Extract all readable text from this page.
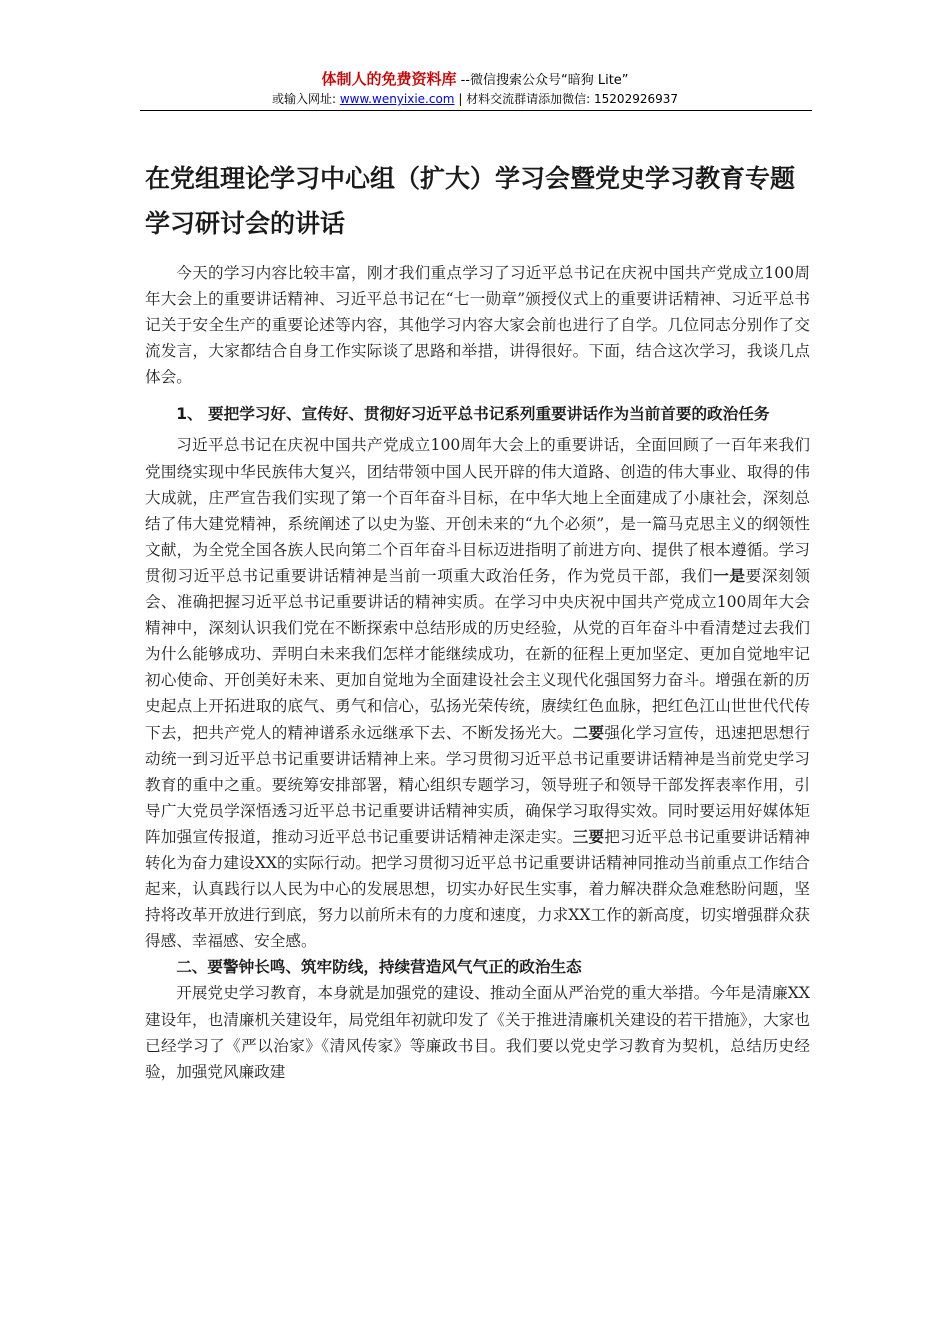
体制人的免费资料库 --微信搜索公众号“暗狗 Lite”
或输入网址: www.wenyixie.com | 材料交流群请添加微信: 15202926937
在党组理论学习中心组（扩大）学习会暨党史学习教育专题学习研讨会的讲话

今天的学习内容比较丰富，刚才我们重点学习了习近平总书记在庆祝中国共产党成立100周年大会上的重要讲话精神、习近平总书记在“七一勋章”颁授仪式上的重要讲话精神、习近平总书记关于安全生产的重要论述等内容，其他学习内容大家会前也进行了自学。几位同志分别作了交流发言，大家都结合自身工作实际谈了思路和举措，讲得很好。下面，结合这次学习，我谈几点体会。

1、 要把学习好、宣传好、贯彻好习近平总书记系列重要讲话作为当前首要的政治任务

习近平总书记在庆祝中国共产党成立100周年大会上的重要讲话，全面回顾了一百年来我们党围绕实现中华民族伟大复兴，团结带领中国人民开辟的伟大道路、创造的伟大事业、取得的伟大成就，庄严宣告我们实现了第一个百年奋斗目标，在中华大地上全面建成了小康社会，深刻总结了伟大建党精神，系统阐述了以史为鉴、开创未来的“九个必须”，是一篇马克思主义的纲领性文献，为全党全国各族人民向第二个百年奋斗目标迈进指明了前进方向、提供了根本遵循。学习贯彻习近平总书记重要讲话精神是当前一项重大政治任务，作为党员干部，我们一是要深刻领会、准确把握习近平总书记重要讲话的精神实质。在学习中央庆祝中国共产党成立100周年大会精神中，深刻认识我们党在不断探索中总结形成的历史经验，从党的百年奋斗中看清楚过去我们为什么能够成功、弄明白未来我们怎样才能继续成功，在新的征程上更加坚定、更加自觉地牢记初心使命、开创美好未来、更加自觉地为全面建设社会主义现代化强国努力奋斗。增强在新的历史起点上开拓进取的底气、勇气和信心，弘扬光荣传统，赓续红色血脉，把红色江山世世代代传下去，把共产党人的精神谱系永远继承下去、不断发扬光大。二要强化学习宣传，迅速把思想行动统一到习近平总书记重要讲话精神上来。学习贯彻习近平总书记重要讲话精神是当前党史学习教育的重中之重。要统筹安排部署，精心组织专题学习，领导班子和领导干部发挥表率作用，引导广大党员学深悟透习近平总书记重要讲话精神实质，确保学习取得实效。同时要运用好媒体矩阵加强宣传报道，推动习近平总书记重要讲话精神走深走实。三要把习近平总书记重要讲话精神转化为奋力建设XX的实际行动。把学习贯彻习近平总书记重要讲话精神同推动当前重点工作结合起来，认真践行以人民为中心的发展思想，切实办好民生实事，着力解决群众急难愁盼问题，坚持将改革开放进行到底，努力以前所未有的力度和速度，力求XX工作的新高度，切实增强群众获得感、幸福感、安全感。

二、要警钟长鸣、筑牢防线，持续营造风气气正的政治生态

开展党史学习教育，本身就是加强党的建设、推动全面从严治党的重大举措。今年是清廉XX建设年，也清廉机关建设年，局党组年初就印发了《关于推进清廉机关建设的若干措施》，大家也已经学习了《严以治家》《清风传家》等廉政书目。我们要以党史学习教育为契机，总结历史经验，加强党风廉政建
